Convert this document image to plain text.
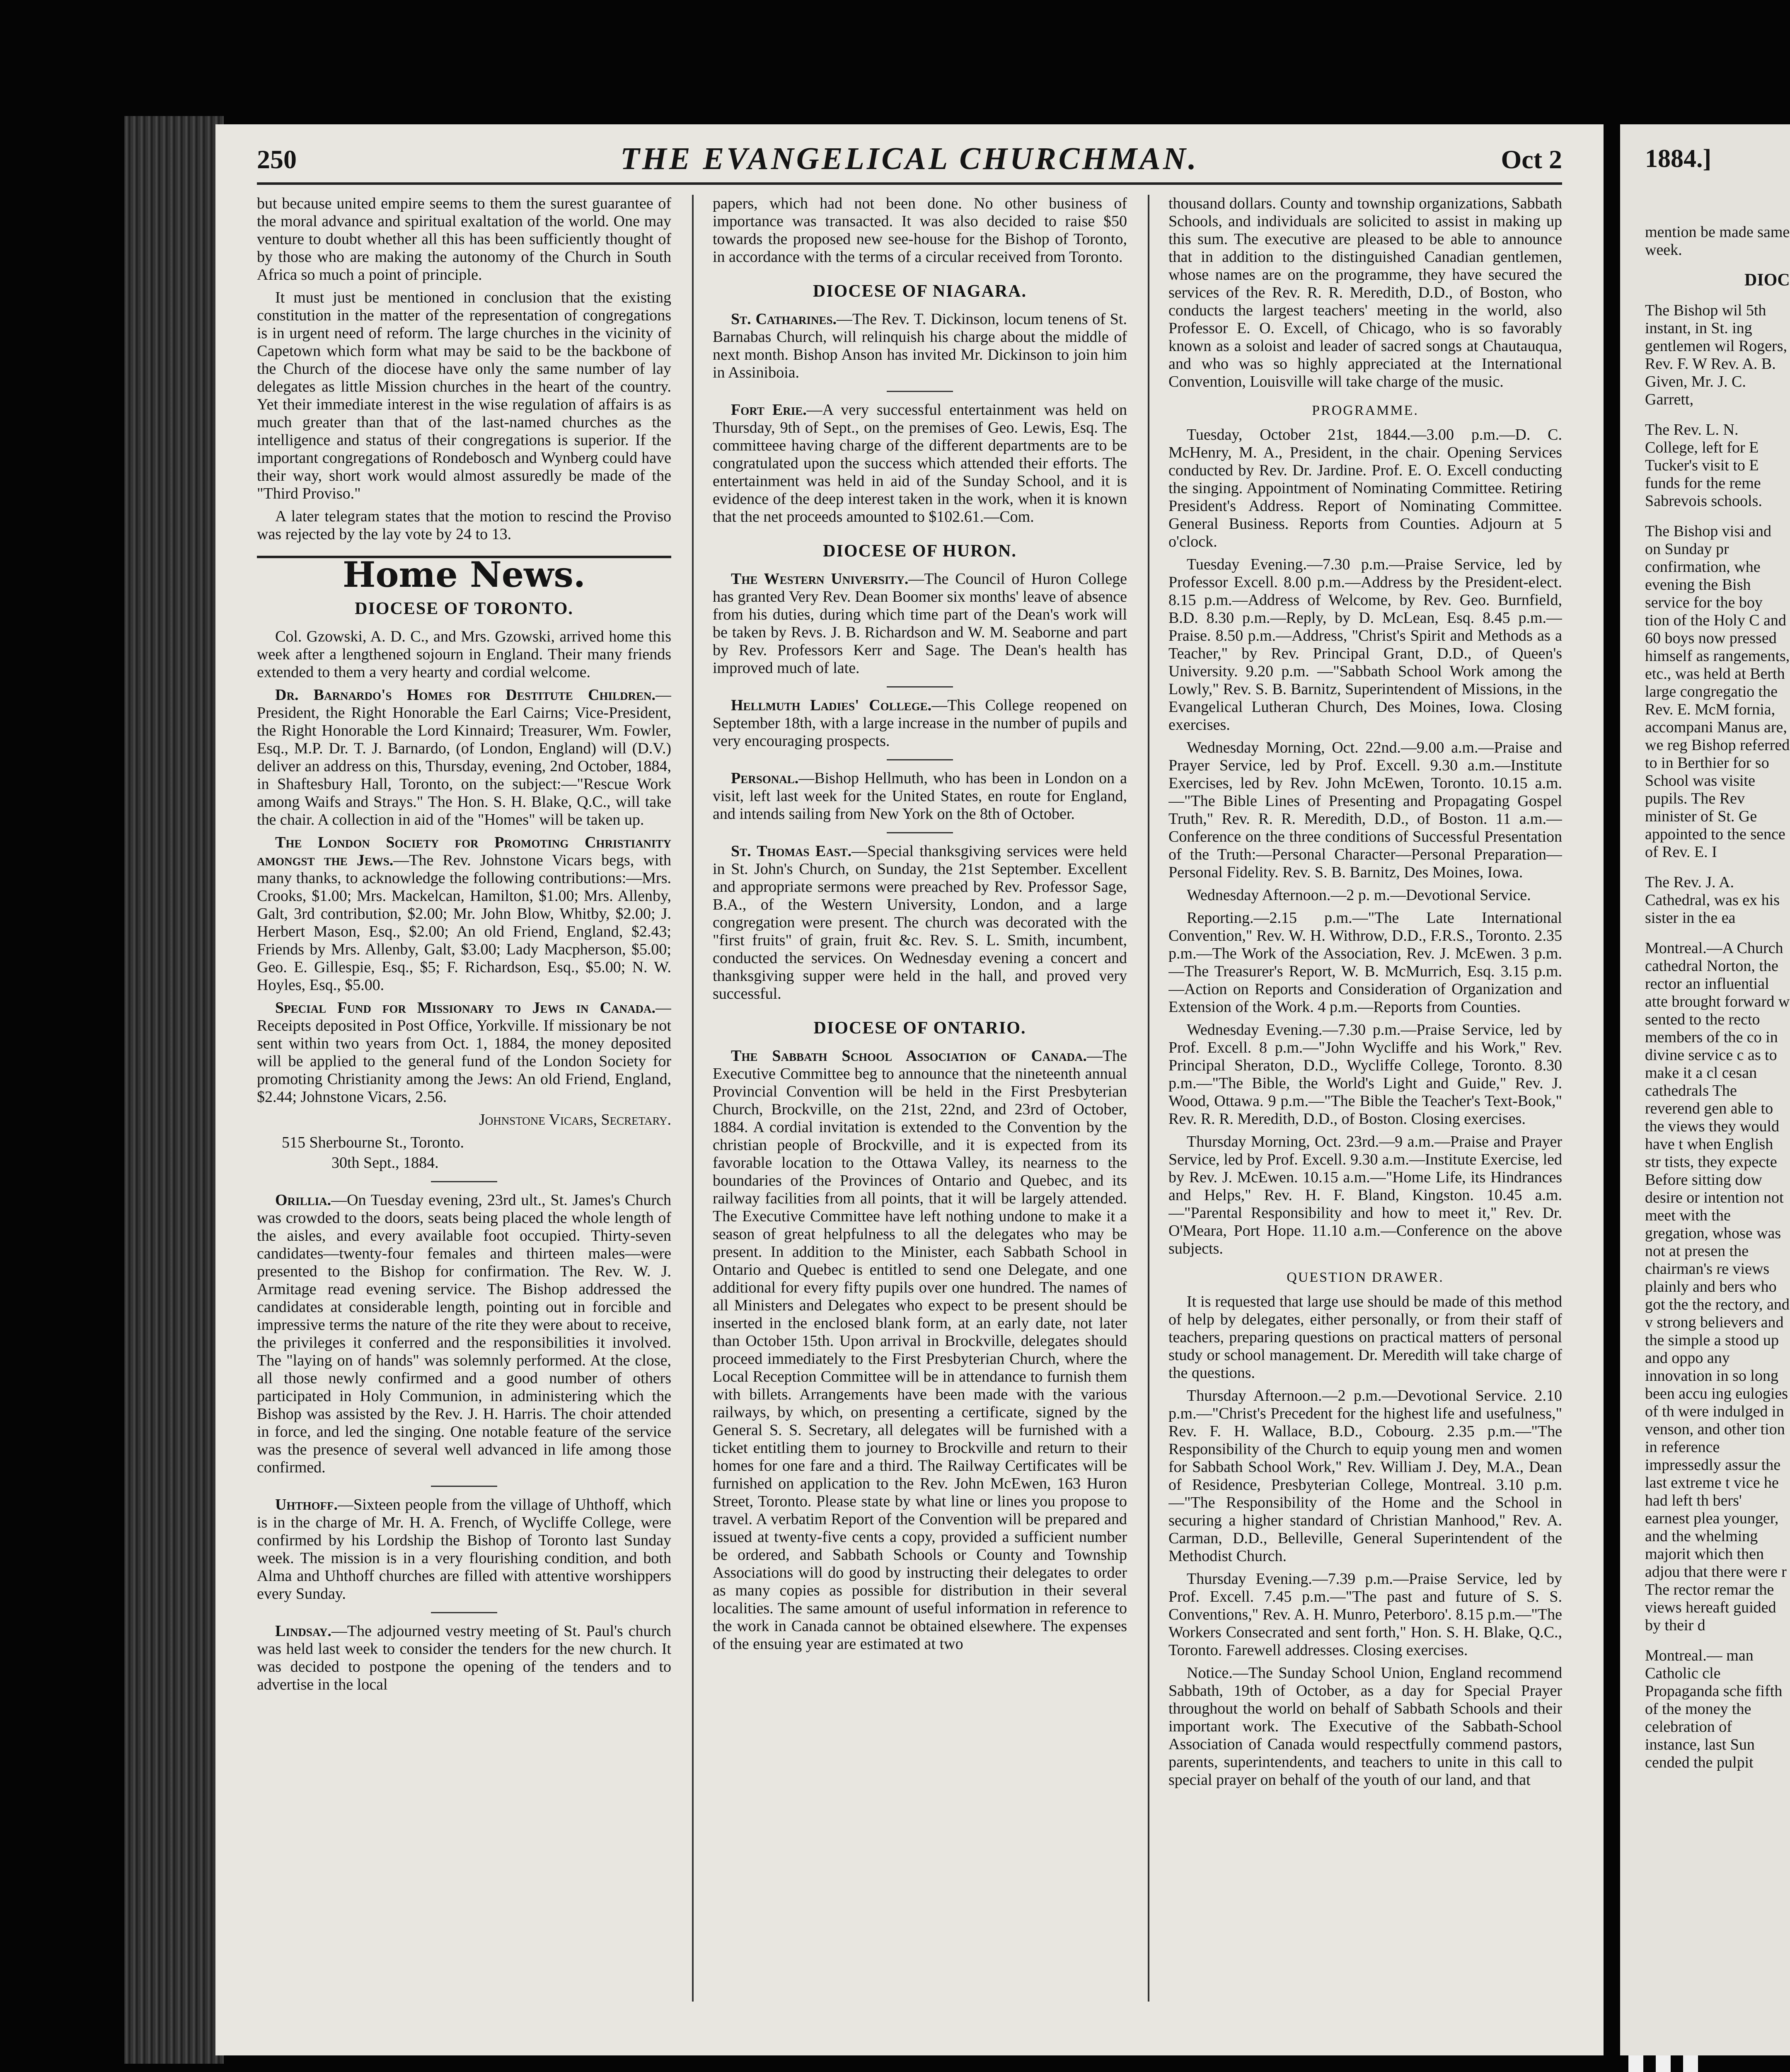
250	THE EVANGELICAL CHURCHMAN.	Oct 2

but because united empire seems to them the surest guarantee of the moral advance and spiritual exaltation of the world. One may venture to doubt whether all this has been sufficiently thought of by those who are making the autonomy of the Church in South Africa so much a point of principle.

It must just be mentioned in conclusion that the existing constitution in the matter of the representation of congregations is in urgent need of reform. The large churches in the vicinity of Capetown which form what may be said to be the backbone of the Church of the diocese have only the same number of lay delegates as little Mission churches in the heart of the country. Yet their immediate interest in the wise regulation of affairs is as much greater than that of the last-named churches as the intelligence and status of their congregations is superior. If the important congregations of Rondebosch and Wynberg could have their way, short work would almost assuredly be made of the "Third Proviso."

A later telegram states that the motion to rescind the Proviso was rejected by the lay vote by 24 to 13.

Home News.
DIOCESE OF TORONTO.

Col. Gzowski, A. D. C., and Mrs. Gzowski, arrived home this week after a lengthened sojourn in England. Their many friends extended to them a very hearty and cordial welcome.

Dr. Barnardo's Homes for Destitute Children.— President, the Right Honorable the Earl Cairns; Vice-President, the Right Honorable the Lord Kinnaird; Treasurer, Wm. Fowler, Esq., M.P. Dr. T. J. Barnardo, (of London, England) will (D.V.) deliver an address on this, Thursday, evening, 2nd October, 1884, in Shaftesbury Hall, Toronto, on the subject:—"Rescue Work among Waifs and Strays." The Hon. S. H. Blake, Q.C., will take the chair. A collection in aid of the "Homes" will be taken up.

The London Society for Promoting Christianity amongst the Jews.—The Rev. Johnstone Vicars begs, with many thanks, to acknowledge the following contributions:—Mrs. Crooks, $1.00; Mrs. Mackelcan, Hamilton, $1.00; Mrs. Allenby, Galt, 3rd contribution, $2.00; Mr. John Blow, Whitby, $2.00; J. Herbert Mason, Esq., $2.00; An old Friend, England, $2.43; Friends by Mrs. Allenby, Galt, $3.00; Lady Macpherson, $5.00; Geo. E. Gillespie, Esq., $5; F. Richardson, Esq., $5.00; N. W. Hoyles, Esq., $5.00.

Special Fund for Missionary to Jews in Canada.—Receipts deposited in Post Office, Yorkville. If missionary be not sent within two years from Oct. 1, 1884, the money deposited will be applied to the general fund of the London Society for promoting Christianity among the Jews: An old Friend, England, $2.44; Johnstone Vicars, 2.56.

Johnstone Vicars, Secretary.

515 Sherbourne St., Toronto.

30th Sept., 1884.

Orillia.—On Tuesday evening, 23rd ult., St. James's Church was crowded to the doors, seats being placed the whole length of the aisles, and every available foot occupied. Thirty-seven candidates—twenty-four females and thirteen males—were presented to the Bishop for confirmation. The Rev. W. J. Armitage read evening service. The Bishop addressed the candidates at considerable length, pointing out in forcible and impressive terms the nature of the rite they were about to receive, the privileges it conferred and the responsibilities it involved. The "laying on of hands" was solemnly performed. At the close, all those newly confirmed and a good number of others participated in Holy Communion, in administering which the Bishop was assisted by the Rev. J. H. Harris. The choir attended in force, and led the singing. One notable feature of the service was the presence of several well advanced in life among those confirmed.

Uhthoff.—Sixteen people from the village of Uhthoff, which is in the charge of Mr. H. A. French, of Wycliffe College, were confirmed by his Lordship the Bishop of Toronto last Sunday week. The mission is in a very flourishing condition, and both Alma and Uhthoff churches are filled with attentive worshippers every Sunday.

Lindsay.—The adjourned vestry meeting of St. Paul's church was held last week to consider the tenders for the new church. It was decided to postpone the opening of the tenders and to advertise in the local

papers, which had not been done. No other business of importance was transacted. It was also decided to raise $50 towards the proposed new see-house for the Bishop of Toronto, in accordance with the terms of a circular received from Toronto.

DIOCESE OF NIAGARA.

St. Catharines.—The Rev. T. Dickinson, locum tenens of St. Barnabas Church, will relinquish his charge about the middle of next month. Bishop Anson has invited Mr. Dickinson to join him in Assiniboia.

Fort Erie.—A very successful entertainment was held on Thursday, 9th of Sept., on the premises of Geo. Lewis, Esq. The committeee having charge of the different departments are to be congratulated upon the success which attended their efforts. The entertainment was held in aid of the Sunday School, and it is evidence of the deep interest taken in the work, when it is known that the net proceeds amounted to $102.61.—Com.

DIOCESE OF HURON.

The Western University.—The Council of Huron College has granted Very Rev. Dean Boomer six months' leave of absence from his duties, during which time part of the Dean's work will be taken by Revs. J. B. Richardson and W. M. Seaborne and part by Rev. Professors Kerr and Sage. The Dean's health has improved much of late.

Hellmuth Ladies' College.—This College reopened on September 18th, with a large increase in the number of pupils and very encouraging prospects.

Personal.—Bishop Hellmuth, who has been in London on a visit, left last week for the United States, en route for England, and intends sailing from New York on the 8th of October.

St. Thomas East.—Special thanksgiving services were held in St. John's Church, on Sunday, the 21st September. Excellent and appropriate sermons were preached by Rev. Professor Sage, B.A., of the Western University, London, and a large congregation were present. The church was decorated with the "first fruits" of grain, fruit &c. Rev. S. L. Smith, incumbent, conducted the services. On Wednesday evening a concert and thanksgiving supper were held in the hall, and proved very successful.

DIOCESE OF ONTARIO.

The Sabbath School Association of Canada.—The Executive Committee beg to announce that the nineteenth annual Provincial Convention will be held in the First Presbyterian Church, Brockville, on the 21st, 22nd, and 23rd of October, 1884. A cordial invitation is extended to the Convention by the christian people of Brockville, and it is expected from its favorable location to the Ottawa Valley, its nearness to the boundaries of the Provinces of Ontario and Quebec, and its railway facilities from all points, that it will be largely attended. The Executive Committee have left nothing undone to make it a season of great helpfulness to all the delegates who may be present. In addition to the Minister, each Sabbath School in Ontario and Quebec is entitled to send one Delegate, and one additional for every fifty pupils over one hundred. The names of all Ministers and Delegates who expect to be present should be inserted in the enclosed blank form, at an early date, not later than October 15th. Upon arrival in Brockville, delegates should proceed immediately to the First Presbyterian Church, where the Local Reception Committee will be in attendance to furnish them with billets. Arrangements have been made with the various railways, by which, on presenting a certificate, signed by the General S. S. Secretary, all delegates will be furnished with a ticket entitling them to journey to Brockville and return to their homes for one fare and a third. The Railway Certificates will be furnished on application to the Rev. John McEwen, 163 Huron Street, Toronto. Please state by what line or lines you propose to travel. A verbatim Report of the Convention will be prepared and issued at twenty-five cents a copy, provided a sufficient number be ordered, and Sabbath Schools or County and Township Associations will do good by instructing their delegates to order as many copies as possible for distribution in their several localities. The same amount of useful information in reference to the work in Canada cannot be obtained elsewhere. The expenses of the ensuing year are estimated at two

thousand dollars. County and township organizations, Sabbath Schools, and individuals are solicited to assist in making up this sum. The executive are pleased to be able to announce that in addition to the distinguished Canadian gentlemen, whose names are on the programme, they have secured the services of the Rev. R. R. Meredith, D.D., of Boston, who conducts the largest teachers' meeting in the world, also Professor E. O. Excell, of Chicago, who is so favorably known as a soloist and leader of sacred songs at Chautauqua, and who was so highly appreciated at the International Convention, Louisville will take charge of the music.

PROGRAMME.

Tuesday, October 21st, 1844.—3.00 p.m.—D. C. McHenry, M. A., President, in the chair. Opening Services conducted by Rev. Dr. Jardine. Prof. E. O. Excell conducting the singing. Appointment of Nominating Committee. Retiring President's Address. Report of Nominating Committee. General Business. Reports from Counties. Adjourn at 5 o'clock.

Tuesday Evening.—7.30 p.m.—Praise Service, led by Professor Excell. 8.00 p.m.—Address by the President-elect. 8.15 p.m.—Address of Welcome, by Rev. Geo. Burnfield, B.D. 8.30 p.m.—Reply, by D. McLean, Esq. 8.45 p.m.—Praise. 8.50 p.m.—Address, "Christ's Spirit and Methods as a Teacher," by Rev. Principal Grant, D.D., of Queen's University. 9.20 p.m. —"Sabbath School Work among the Lowly," Rev. S. B. Barnitz, Superintendent of Missions, in the Evangelical Lutheran Church, Des Moines, Iowa. Closing exercises.

Wednesday Morning, Oct. 22nd.—9.00 a.m.—Praise and Prayer Service, led by Prof. Excell. 9.30 a.m.—Institute Exercises, led by Rev. John McEwen, Toronto. 10.15 a.m.—"The Bible Lines of Presenting and Propagating Gospel Truth," Rev. R. R. Meredith, D.D., of Boston. 11 a.m.—Conference on the three conditions of Successful Presentation of the Truth:—Personal Character—Personal Preparation—Personal Fidelity. Rev. S. B. Barnitz, Des Moines, Iowa.

Wednesday Afternoon.—2 p. m.—Devotional Service.

Reporting.—2.15 p.m.—"The Late International Convention," Rev. W. H. Withrow, D.D., F.R.S., Toronto. 2.35 p.m.—The Work of the Association, Rev. J. McEwen. 3 p.m.—The Treasurer's Report, W. B. McMurrich, Esq. 3.15 p.m.—Action on Reports and Consideration of Organization and Extension of the Work. 4 p.m.—Reports from Counties.

Wednesday Evening.—7.30 p.m.—Praise Service, led by Prof. Excell. 8 p.m.—"John Wycliffe and his Work," Rev. Principal Sheraton, D.D., Wycliffe College, Toronto. 8.30 p.m.—"The Bible, the World's Light and Guide," Rev. J. Wood, Ottawa. 9 p.m.—"The Bible the Teacher's Text-Book," Rev. R. R. Meredith, D.D., of Boston. Closing exercises.

Thursday Morning, Oct. 23rd.—9 a.m.—Praise and Prayer Service, led by Prof. Excell. 9.30 a.m.—Institute Exercise, led by Rev. J. McEwen. 10.15 a.m.—"Home Life, its Hindrances and Helps," Rev. H. F. Bland, Kingston. 10.45 a.m.—"Parental Responsibility and how to meet it," Rev. Dr. O'Meara, Port Hope. 11.10 a.m.—Conference on the above subjects.

QUESTION DRAWER.

It is requested that large use should be made of this method of help by delegates, either personally, or from their staff of teachers, preparing questions on practical matters of personal study or school management. Dr. Meredith will take charge of the questions.

Thursday Afternoon.—2 p.m.—Devotional Service. 2.10 p.m.—"Christ's Precedent for the highest life and usefulness," Rev. F. H. Wallace, B.D., Cobourg. 2.35 p.m.—"The Responsibility of the Church to equip young men and women for Sabbath School Work," Rev. William J. Dey, M.A., Dean of Residence, Presbyterian College, Montreal. 3.10 p.m.—"The Responsibility of the Home and the School in securing a higher standard of Christian Manhood," Rev. A. Carman, D.D., Belleville, General Superintendent of the Methodist Church.

Thursday Evening.—7.39 p.m.—Praise Service, led by Prof. Excell. 7.45 p.m.—"The past and future of S. S. Conventions," Rev. A. H. Munro, Peterboro'. 8.15 p.m.—"The Workers Consecrated and sent forth," Hon. S. H. Blake, Q.C., Toronto. Farewell addresses. Closing exercises.

Notice.—The Sunday School Union, England recommend Sabbath, 19th of October, as a day for Special Prayer throughout the world on behalf of Sabbath Schools and their important work. The Executive of the Sabbath-School Association of Canada would respectfully commend pastors, parents, superintendents, and teachers to unite in this call to special prayer on behalf of the youth of our land, and that

1884.]

mention be made same week.

DIOC

The Bishop wil 5th instant, in St. ing gentlemen wil Rogers, Rev. F. W Rev. A. B. Given, Mr. J. C. Garrett,

The Rev. L. N. College, left for E Tucker's visit to E funds for the reme Sabrevois schools.

The Bishop visi and on Sunday pr confirmation, whe evening the Bish service for the boy tion of the Holy C and 60 boys now pressed himself as rangements, etc., was held at Berth large congregatio the Rev. E. McM fornia, accompani Manus are, we reg Bishop referred to in Berthier for so School was visite pupils. The Rev minister of St. Ge appointed to the sence of Rev. E. I

The Rev. J. A. Cathedral, was ex his sister in the ea

Montreal.—A Church cathedral Norton, the rector an influential atte brought forward w sented to the recto members of the co in divine service c as to make it a cl cesan cathedrals The reverend gen able to the views they would have t when English str tists, they expecte Before sitting dow desire or intention not meet with the gregation, whose was not at presen the chairman's re views plainly and bers who got the the rectory, and v strong believers and the simple a stood up and oppo any innovation in so long been accu ing eulogies of th were indulged in venson, and other tion in reference impressedly assur the last extreme t vice he had left th bers' earnest plea younger, and the whelming majorit which then adjou that there were r The rector remar the views hereaft guided by their d

Montreal.— man Catholic cle Propaganda sche fifth of the money the celebration of instance, last Sun cended the pulpit
